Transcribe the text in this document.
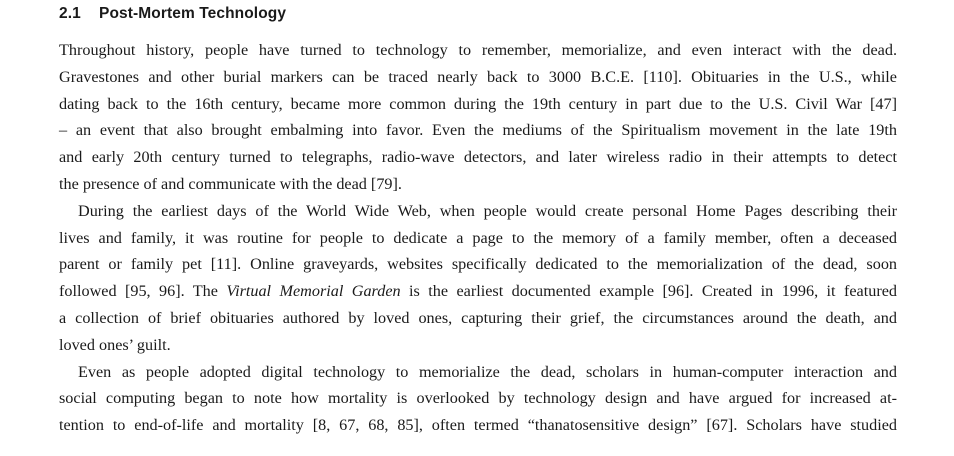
2.1 Post-Mortem Technology
Throughout history, people have turned to technology to remember, memorialize, and even interact with the dead.
Gravestones and other burial markers can be traced nearly back to 3000 B.C.E. [110]. Obituaries in the U.S., while
dating back to the 16th century, became more common during the 19th century in part due to the U.S. Civil War [47]
– an event that also brought embalming into favor. Even the mediums of the Spiritualism movement in the late 19th
and early 20th century turned to telegraphs, radio-wave detectors, and later wireless radio in their attempts to detect
the presence of and communicate with the dead [79].
During the earliest days of the World Wide Web, when people would create personal Home Pages describing their
lives and family, it was routine for people to dedicate a page to the memory of a family member, often a deceased
parent or family pet [11]. Online graveyards, websites specifically dedicated to the memorialization of the dead, soon
followed [95, 96]. The Virtual Memorial Garden is the earliest documented example [96]. Created in 1996, it featured
a collection of brief obituaries authored by loved ones, capturing their grief, the circumstances around the death, and
loved ones’ guilt.
Even as people adopted digital technology to memorialize the dead, scholars in human-computer interaction and
social computing began to note how mortality is overlooked by technology design and have argued for increased at-
tention to end-of-life and mortality [8, 67, 68, 85], often termed “thanatosensitive design” [67]. Scholars have studied
